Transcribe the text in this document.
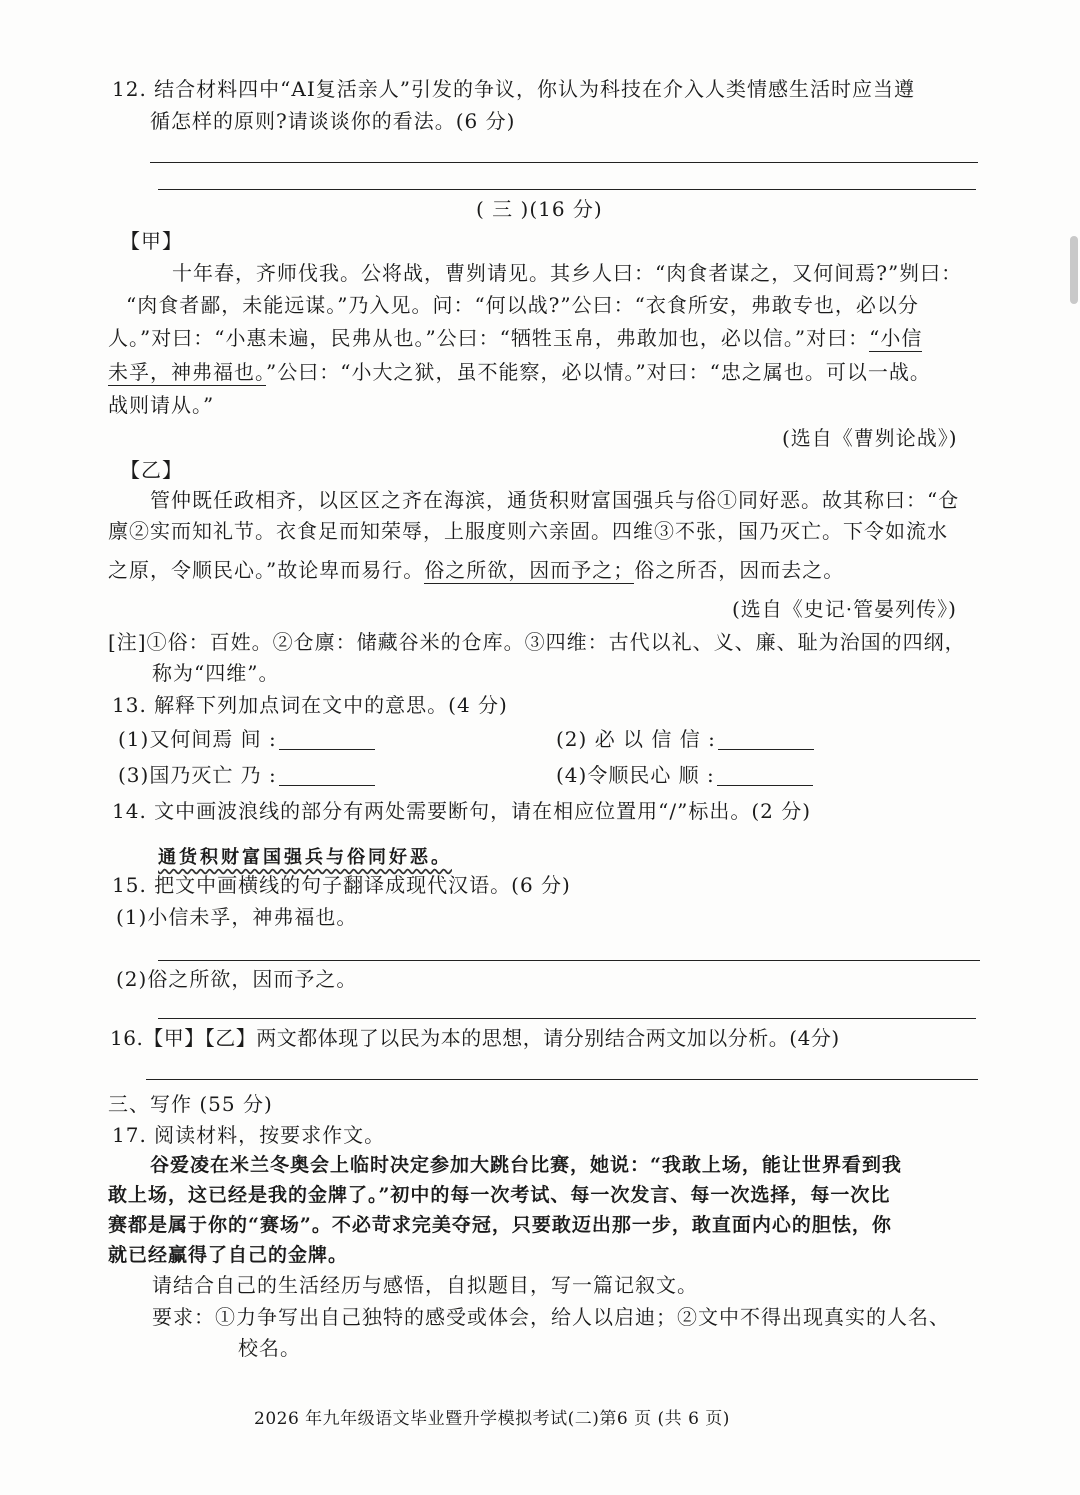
12. 结合材料四中“AI复活亲人”引发的争议，你认为科技在介入人类情感生活时应当遵
循怎样的原则?请谈谈你的看法。(6 分)
( 三 )(16 分)
【甲】
十年春，齐师伐我。公将战，曹刿请见。其乡人曰：“肉食者谋之，又何间焉?”刿曰：
“肉食者鄙，未能远谋。”乃入见。问：“何以战?”公曰：“衣食所安，弗敢专也，必以分
人。”对曰：“小惠未遍，民弗从也。”公曰：“牺牲玉帛，弗敢加也，必以信。”对曰：“小信
未孚，神弗福也。”公曰：“小大之狱，虽不能察，必以情。”对曰：“忠之属也。可以一战。
战则请从。”
(选自《曹刿论战》)
【乙】
管仲既任政相齐，以区区之齐在海滨，通货积财富国强兵与俗①同好恶。故其称曰：“仓
廪②实而知礼节。衣食足而知荣辱，上服度则六亲固。四维③不张，国乃灭亡。下令如流水
之原，令顺民心。”故论卑而易行。俗之所欲，因而予之；俗之所否，因而去之。
(选自《史记·管晏列传》)
[注]①俗：百姓。②仓廪：储藏谷米的仓库。③四维：古代以礼、义、廉、耻为治国的四纲，
称为“四维”。
13. 解释下列加点词在文中的意思。(4 分)
(1)又何间焉 间 :	(2) 必 以 信 信 :
(3)国乃灭亡 乃 :	(4)令顺民心 顺 :
14. 文中画波浪线的部分有两处需要断句，请在相应位置用“/”标出。(2 分)
通货积财富国强兵与俗同好恶。
15. 把文中画横线的句子翻译成现代汉语。(6 分)
(1)小信未孚，神弗福也。
(2)俗之所欲，因而予之。
16.【甲】【乙】两文都体现了以民为本的思想，请分别结合两文加以分析。(4分)
三、写作 (55 分)
17. 阅读材料，按要求作文。
谷爱凌在米兰冬奥会上临时决定参加大跳台比赛，她说：“我敢上场，能让世界看到我
敢上场，这已经是我的金牌了。”初中的每一次考试、每一次发言、每一次选择，每一次比
赛都是属于你的“赛场”。不必苛求完美夺冠，只要敢迈出那一步，敢直面内心的胆怯，你
就已经赢得了自己的金牌。
请结合自己的生活经历与感悟，自拟题目，写一篇记叙文。
要求：①力争写出自己独特的感受或体会，给人以启迪；②文中不得出现真实的人名、
校名。
2026 年九年级语文毕业暨升学模拟考试(二)第6 页 (共 6 页)
